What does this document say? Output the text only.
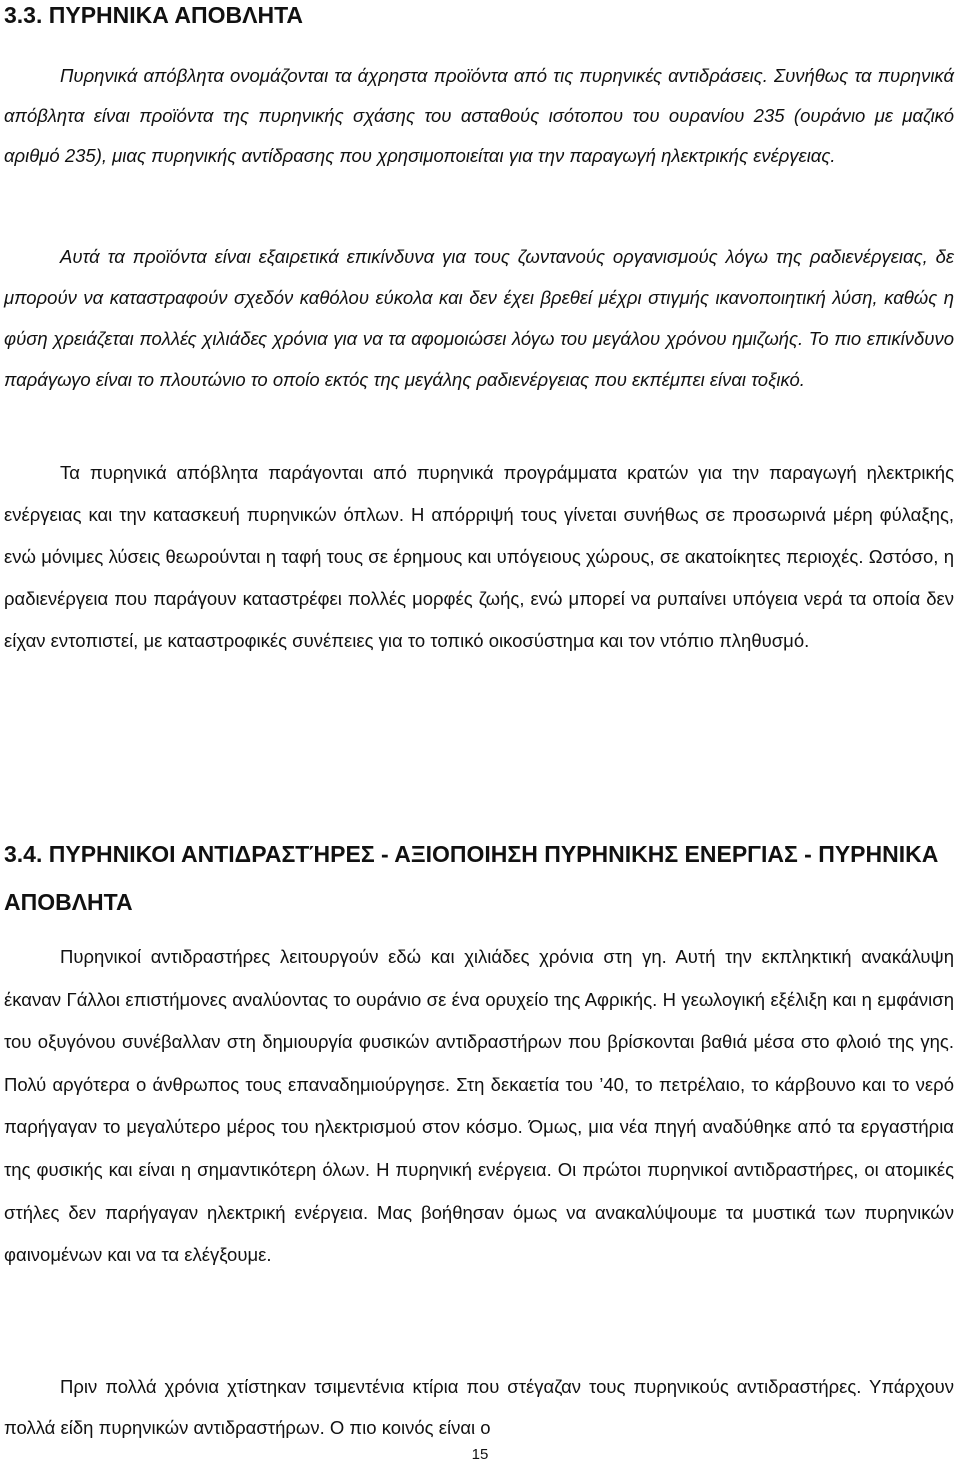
3.3. ΠΥΡΗΝΙΚΑ ΑΠΟΒΛΗΤΑ

Πυρηνικά απόβλητα ονομάζονται τα άχρηστα προϊόντα από τις πυρηνικές αντιδράσεις. Συνήθως τα πυρηνικά απόβλητα είναι προϊόντα της πυρηνικής σχάσης του ασταθούς ισότοπου του ουρανίου 235 (ουράνιο με μαζικό αριθμό 235), μιας πυρηνικής αντίδρασης που χρησιμοποιείται για την παραγωγή ηλεκτρικής ενέργειας.

Αυτά τα προϊόντα είναι εξαιρετικά επικίνδυνα για τους ζωντανούς οργανισμούς λόγω της ραδιενέργειας, δε μπορούν να καταστραφούν σχεδόν καθόλου εύκολα και δεν έχει βρεθεί μέχρι στιγμής ικανοποιητική λύση, καθώς η φύση χρειάζεται πολλές χιλιάδες χρόνια για να τα αφομοιώσει λόγω του μεγάλου χρόνου ημιζωής. Το πιο επικίνδυνο παράγωγο είναι το πλουτώνιο το οποίο εκτός της μεγάλης ραδιενέργειας που εκπέμπει είναι τοξικό.

Τα πυρηνικά απόβλητα παράγονται από πυρηνικά προγράμματα κρατών για την παραγωγή ηλεκτρικής ενέργειας και την κατασκευή πυρηνικών όπλων. Η απόρριψή τους γίνεται συνήθως σε προσωρινά μέρη φύλαξης, ενώ μόνιμες λύσεις θεωρούνται η ταφή τους σε έρημους και υπόγειους χώρους, σε ακατοίκητες περιοχές. Ωστόσο, η ραδιενέργεια που παράγουν καταστρέφει πολλές μορφές ζωής, ενώ μπορεί να ρυπαίνει υπόγεια νερά τα οποία δεν είχαν εντοπιστεί, με καταστροφικές συνέπειες για το τοπικό οικοσύστημα και τον ντόπιο πληθυσμό.

3.4. ΠΥΡΗΝΙΚΟΙ ΑΝΤΙΔΡΑΣΤΉΡΕΣ - ΑΞΙΟΠΟΙΗΣΗ ΠΥΡΗΝΙΚΗΣ ΕΝΕΡΓΙΑΣ - ΠΥΡΗΝΙΚΑ ΑΠΟΒΛΗΤΑ

Πυρηνικοί αντιδραστήρες λειτουργούν εδώ και χιλιάδες χρόνια στη γη. Αυτή την εκπληκτική ανακάλυψη έκαναν Γάλλοι επιστήμονες αναλύοντας το ουράνιο σε ένα ορυχείο της Αφρικής. Η γεωλογική εξέλιξη και η εμφάνιση του οξυγόνου συνέβαλλαν στη δημιουργία φυσικών αντιδραστήρων που βρίσκονται βαθιά μέσα στο φλοιό της γης. Πολύ αργότερα ο άνθρωπος τους επαναδημιούργησε. Στη δεκαετία του ’40, το πετρέλαιο, το κάρβουνο και το νερό παρήγαγαν το μεγαλύτερο μέρος του ηλεκτρισμού στον κόσμο. Όμως, μια νέα πηγή αναδύθηκε από τα εργαστήρια της φυσικής και είναι η σημαντικότερη όλων. Η πυρηνική ενέργεια. Οι πρώτοι πυρηνικοί αντιδραστήρες, οι ατομικές στήλες δεν παρήγαγαν ηλεκτρική ενέργεια. Μας βοήθησαν όμως να ανακαλύψουμε τα μυστικά των πυρηνικών φαινομένων και να τα ελέγξουμε.

Πριν πολλά χρόνια χτίστηκαν τσιμεντένια κτίρια που στέγαζαν τους πυρηνικούς αντιδραστήρες. Υπάρχουν πολλά είδη πυρηνικών αντιδραστήρων. Ο πιο κοινός είναι ο

15
